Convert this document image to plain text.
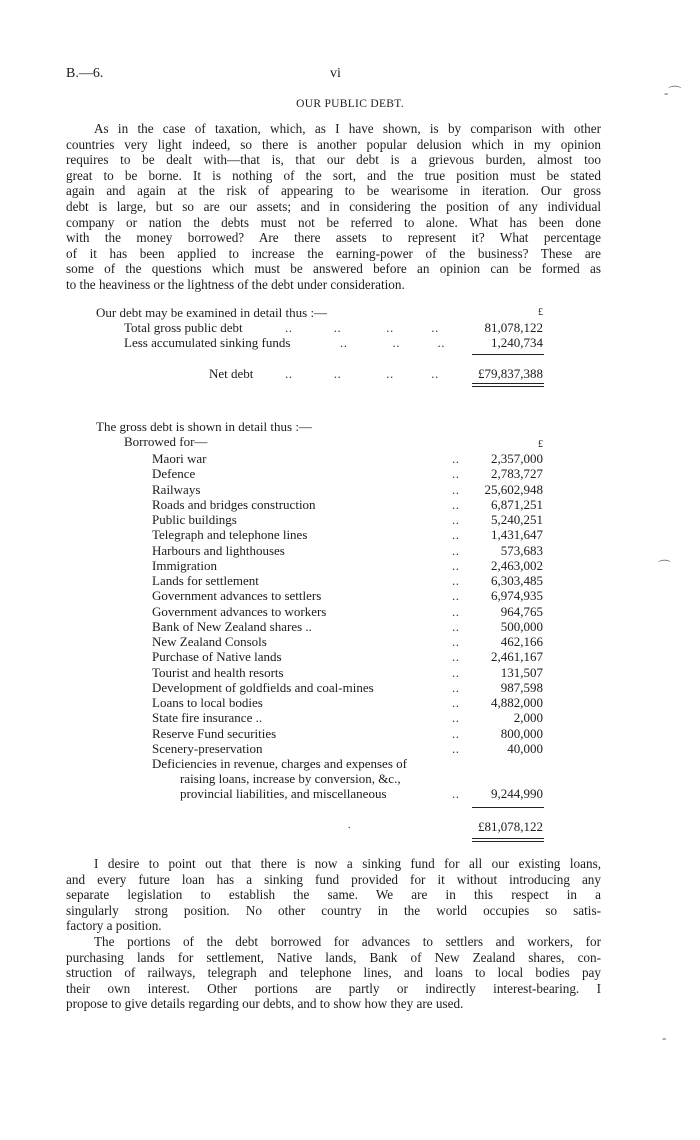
B.—6.	vi
OUR PUBLIC DEBT.
As in the case of taxation, which, as I have shown, is by comparison with other
countries very light indeed, so there is another popular delusion which in my opinion
requires to be dealt with—that is, that our debt is a grievous burden, almost too
great to be borne. It is nothing of the sort, and the true position must be stated
again and again at the risk of appearing to be wearisome in iteration. Our gross
debt is large, but so are our assets; and in considering the position of any individual
company or nation the debts must not be referred to alone. What has been done
with the money borrowed? Are there assets to represent it? What percentage
of it has been applied to increase the earning-power of the business? These are
some of the questions which must be answered before an opinion can be formed as
to the heaviness or the lightness of the debt under consideration.
Our debt may be examined in detail thus :—	£
Total gross public debt	..           ..            ..          ..	81,078,122
Less accumulated sinking funds	..            ..          ..	1,240,734
Net debt ..           ..            ..          ..	£79,837,388
The gross debt is shown in detail thus :—
Borrowed for—	£
Maori war	..	2,357,000
Defence	..	2,783,727
Railways	..	25,602,948
Roads and bridges construction	..	6,871,251
Public buildings	..	5,240,251
Telegraph and telephone lines	..	1,431,647
Harbours and lighthouses	..	573,683
Immigration	..	2,463,002
Lands for settlement	..	6,303,485
Government advances to settlers	..	6,974,935
Government advances to workers	..	964,765
Bank of New Zealand shares ..	..	500,000
New Zealand Consols	..	462,166
Purchase of Native lands	..	2,461,167
Tourist and health resorts	..	131,507
Development of goldfields and coal-mines	..	987,598
Loans to local bodies	..	4,882,000
State fire insurance ..	..	2,000
Reserve Fund securities	..	800,000
Scenery-preservation	..	40,000
Deficiencies in revenue, charges and expenses of
raising loans, increase by conversion, &c.,
provincial liabilities, and miscellaneous	..	9,244,990
.	£81,078,122
I desire to point out that there is now a sinking fund for all our existing loans,
and every future loan has a sinking fund provided for it without introducing any
separate legislation to establish the same. We are in this respect in a
singularly strong position. No other country in the world occupies so satis-
factory a position.
The portions of the debt borrowed for advances to settlers and workers, for
purchasing lands for settlement, Native lands, Bank of New Zealand shares, con-
struction of railways, telegraph and telephone lines, and loans to local bodies pay
their own interest. Other portions are partly or indirectly interest-bearing. I
propose to give details regarding our debts, and to show how they are used.
‐⌒
⌒
‐
